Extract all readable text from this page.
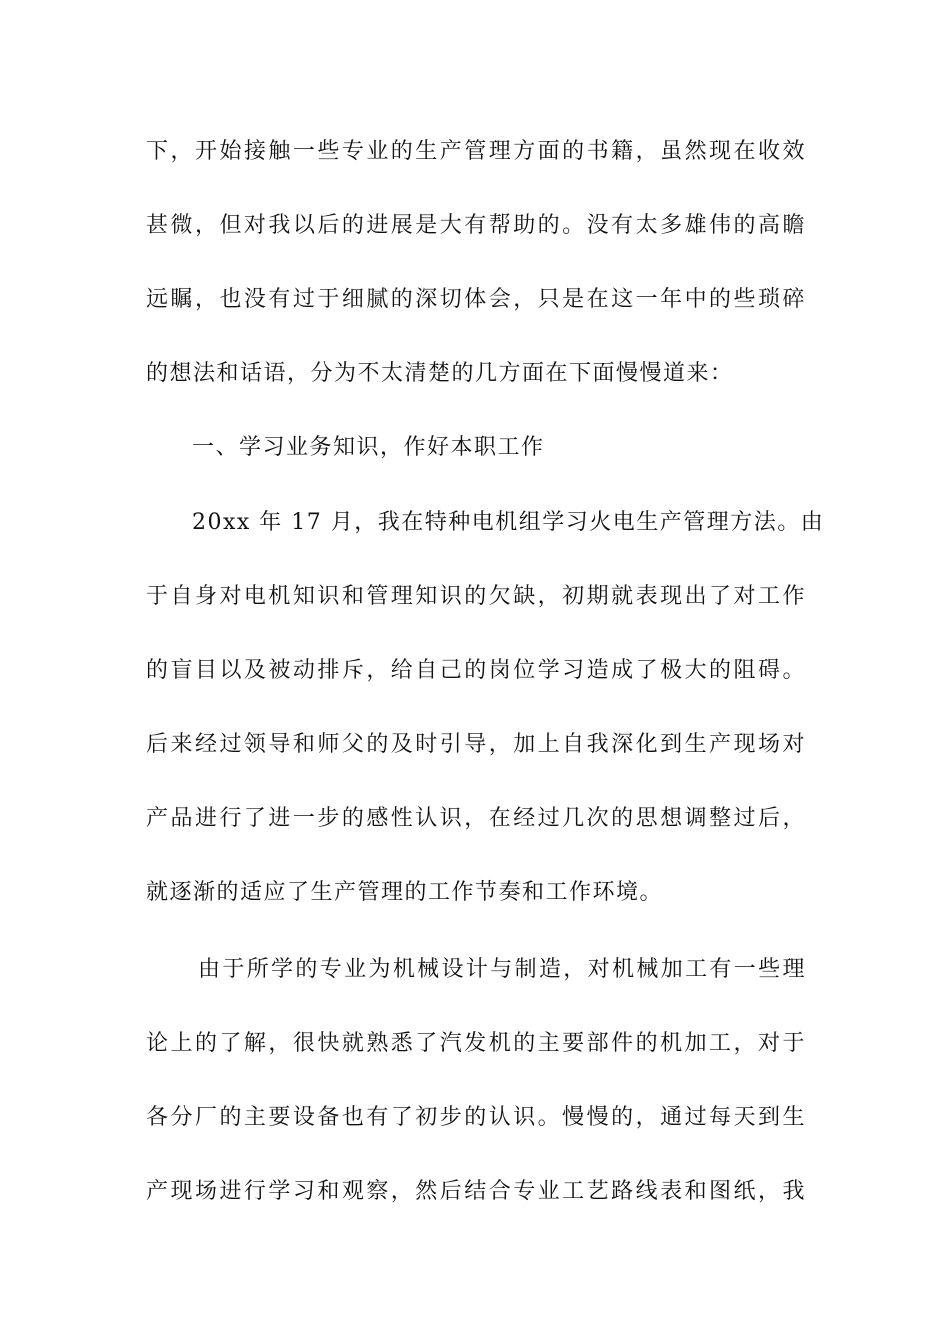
下，开始接触一些专业的生产管理方面的书籍，虽然现在收效
甚微，但对我以后的进展是大有帮助的。没有太多雄伟的高瞻
远瞩，也没有过于细腻的深切体会，只是在这一年中的些琐碎
的想法和话语，分为不太清楚的几方面在下面慢慢道来：
一、学习业务知识，作好本职工作
20xx 年 17 月，我在特种电机组学习火电生产管理方法。由
于自身对电机知识和管理知识的欠缺，初期就表现出了对工作
的盲目以及被动排斥，给自己的岗位学习造成了极大的阻碍。
后来经过领导和师父的及时引导，加上自我深化到生产现场对
产品进行了进一步的感性认识，在经过几次的思想调整过后，
就逐渐的适应了生产管理的工作节奏和工作环境。
由于所学的专业为机械设计与制造，对机械加工有一些理
论上的了解，很快就熟悉了汽发机的主要部件的机加工，对于
各分厂的主要设备也有了初步的认识。慢慢的，通过每天到生
产现场进行学习和观察，然后结合专业工艺路线表和图纸，我
